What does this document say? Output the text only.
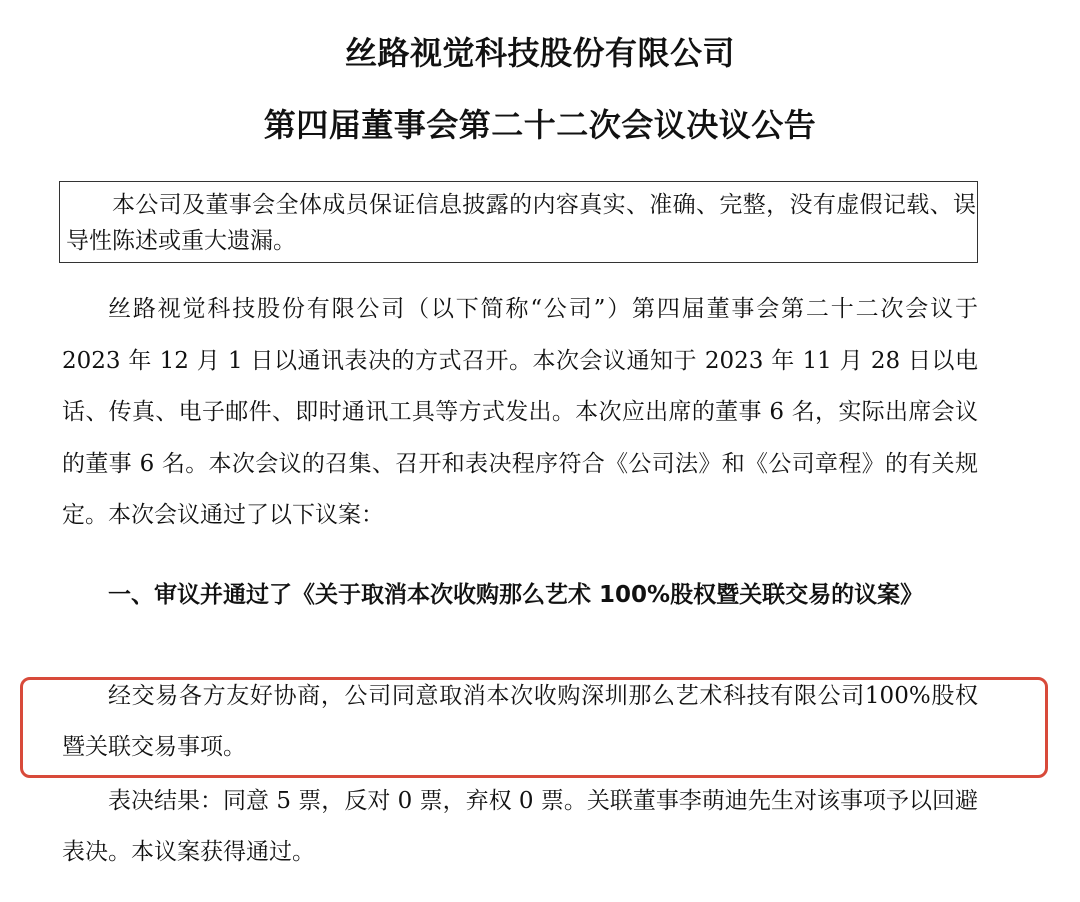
丝路视觉科技股份有限公司
第四届董事会第二十二次会议决议公告

本公司及董事会全体成员保证信息披露的内容真实、准确、完整，没有虚假记载、误导性陈述或重大遗漏。

丝路视觉科技股份有限公司（以下简称“公司”）第四届董事会第二十二次会议于 2023 年 12 月 1 日以通讯表决的方式召开。本次会议通知于 2023 年 11 月 28 日以电话、传真、电子邮件、即时通讯工具等方式发出。本次应出席的董事 6 名，实际出席会议的董事 6 名。本次会议的召集、召开和表决程序符合《公司法》和《公司章程》的有关规定。本次会议通过了以下议案：

一、审议并通过了《关于取消本次收购那么艺术 100%股权暨关联交易的议案》

经交易各方友好协商，公司同意取消本次收购深圳那么艺术科技有限公司100%股权暨关联交易事项。

表决结果：同意 5 票，反对 0 票，弃权 0 票。关联董事李萌迪先生对该事项予以回避表决。本议案获得通过。
